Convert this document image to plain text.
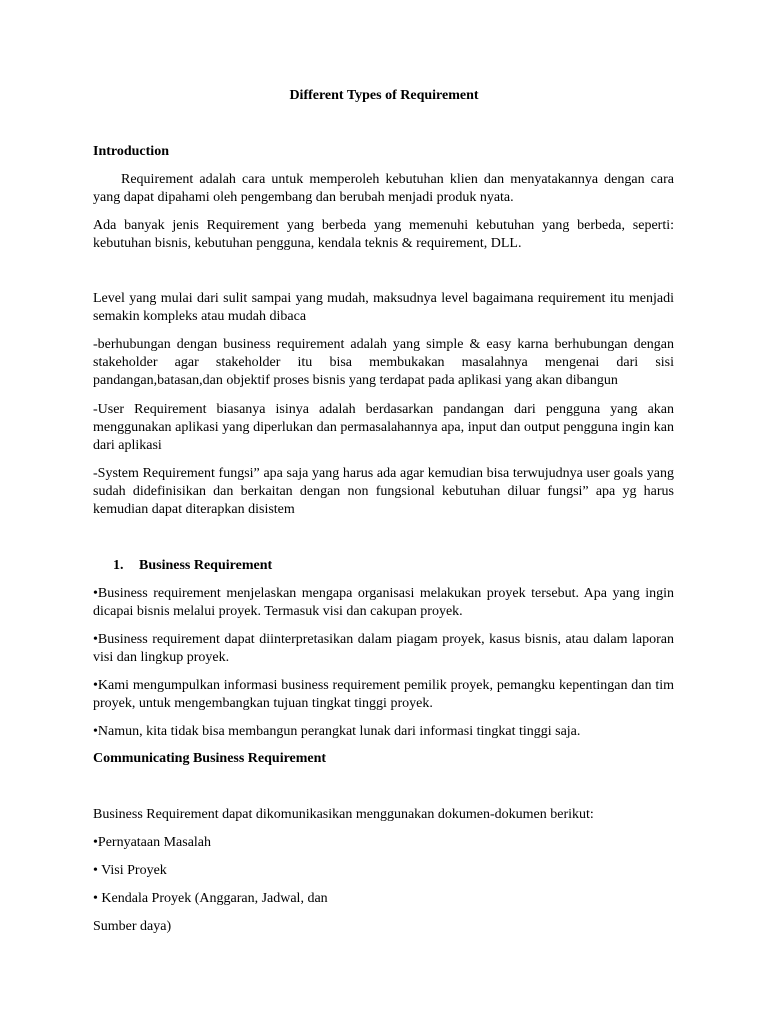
Different Types of Requirement
Introduction
Requirement adalah cara untuk memperoleh kebutuhan klien dan menyatakannya dengan cara yang dapat dipahami oleh pengembang dan berubah menjadi produk nyata.
Ada banyak jenis Requirement yang berbeda yang memenuhi kebutuhan yang berbeda, seperti: kebutuhan bisnis, kebutuhan pengguna, kendala teknis & requirement, DLL.
Level yang mulai dari sulit sampai yang mudah, maksudnya level bagaimana requirement itu menjadi semakin kompleks atau mudah dibaca
-berhubungan dengan business requirement adalah yang simple & easy karna berhubungan dengan stakeholder agar stakeholder itu bisa membukakan masalahnya mengenai dari sisi pandangan,batasan,dan objektif proses bisnis yang terdapat pada aplikasi yang akan dibangun
-User Requirement biasanya isinya adalah berdasarkan pandangan dari pengguna yang akan menggunakan aplikasi yang diperlukan dan permasalahannya apa, input dan output pengguna ingin kan dari aplikasi
-System Requirement fungsi” apa saja yang harus ada agar kemudian bisa terwujudnya user goals yang sudah didefinisikan dan berkaitan dengan non fungsional kebutuhan diluar fungsi” apa yg harus kemudian dapat diterapkan disistem
1. Business Requirement
•Business requirement menjelaskan mengapa organisasi melakukan proyek tersebut. Apa yang ingin dicapai bisnis melalui proyek. Termasuk visi dan cakupan proyek.
•Business requirement dapat diinterpretasikan dalam piagam proyek, kasus bisnis, atau dalam laporan visi dan lingkup proyek.
•Kami mengumpulkan informasi business requirement pemilik proyek, pemangku kepentingan dan tim proyek, untuk mengembangkan tujuan tingkat tinggi proyek.
•Namun, kita tidak bisa membangun perangkat lunak dari informasi tingkat tinggi saja.
Communicating Business Requirement
Business Requirement dapat dikomunikasikan menggunakan dokumen-dokumen berikut:
•Pernyataan Masalah
• Visi Proyek
• Kendala Proyek (Anggaran, Jadwal, dan
Sumber daya)
